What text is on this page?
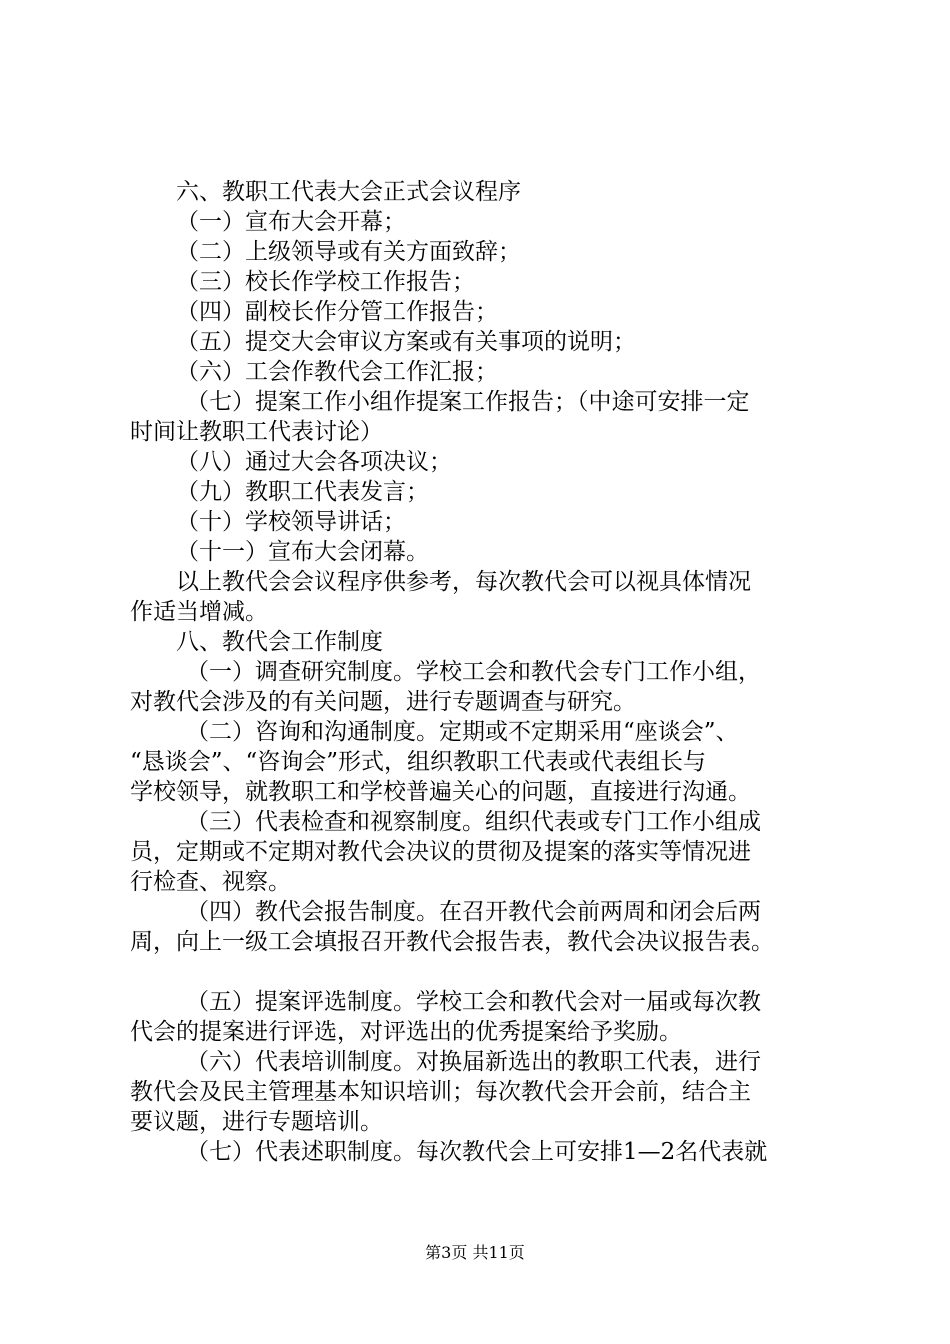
六、教职工代表大会正式会议程序
（一）宣布大会开幕；
（二）上级领导或有关方面致辞；
（三）校长作学校工作报告；
（四）副校长作分管工作报告；
（五）提交大会审议方案或有关事项的说明；
（六）工会作教代会工作汇报；
（七）提案工作小组作提案工作报告；（中途可安排一定
时间让教职工代表讨论）
（八）通过大会各项决议；
（九）教职工代表发言；
（十）学校领导讲话；
（十一）宣布大会闭幕。
以上教代会会议程序供参考，每次教代会可以视具体情况
作适当增减。
八、教代会工作制度
（一）调查研究制度。学校工会和教代会专门工作小组，
对教代会涉及的有关问题，进行专题调查与研究。
（二）咨询和沟通制度。定期或不定期采用“座谈会”、
“恳谈会”、“咨询会”形式，组织教职工代表或代表组长与
学校领导，就教职工和学校普遍关心的问题，直接进行沟通。
（三）代表检查和视察制度。组织代表或专门工作小组成
员，定期或不定期对教代会决议的贯彻及提案的落实等情况进
行检查、视察。
（四）教代会报告制度。在召开教代会前两周和闭会后两
周，向上一级工会填报召开教代会报告表，教代会决议报告表。
（五）提案评选制度。学校工会和教代会对一届或每次教
代会的提案进行评选，对评选出的优秀提案给予奖励。
（六）代表培训制度。对换届新选出的教职工代表，进行
教代会及民主管理基本知识培训；每次教代会开会前，结合主
要议题，进行专题培训。
（七）代表述职制度。每次教代会上可安排1—2名代表就
第3页 共11页
